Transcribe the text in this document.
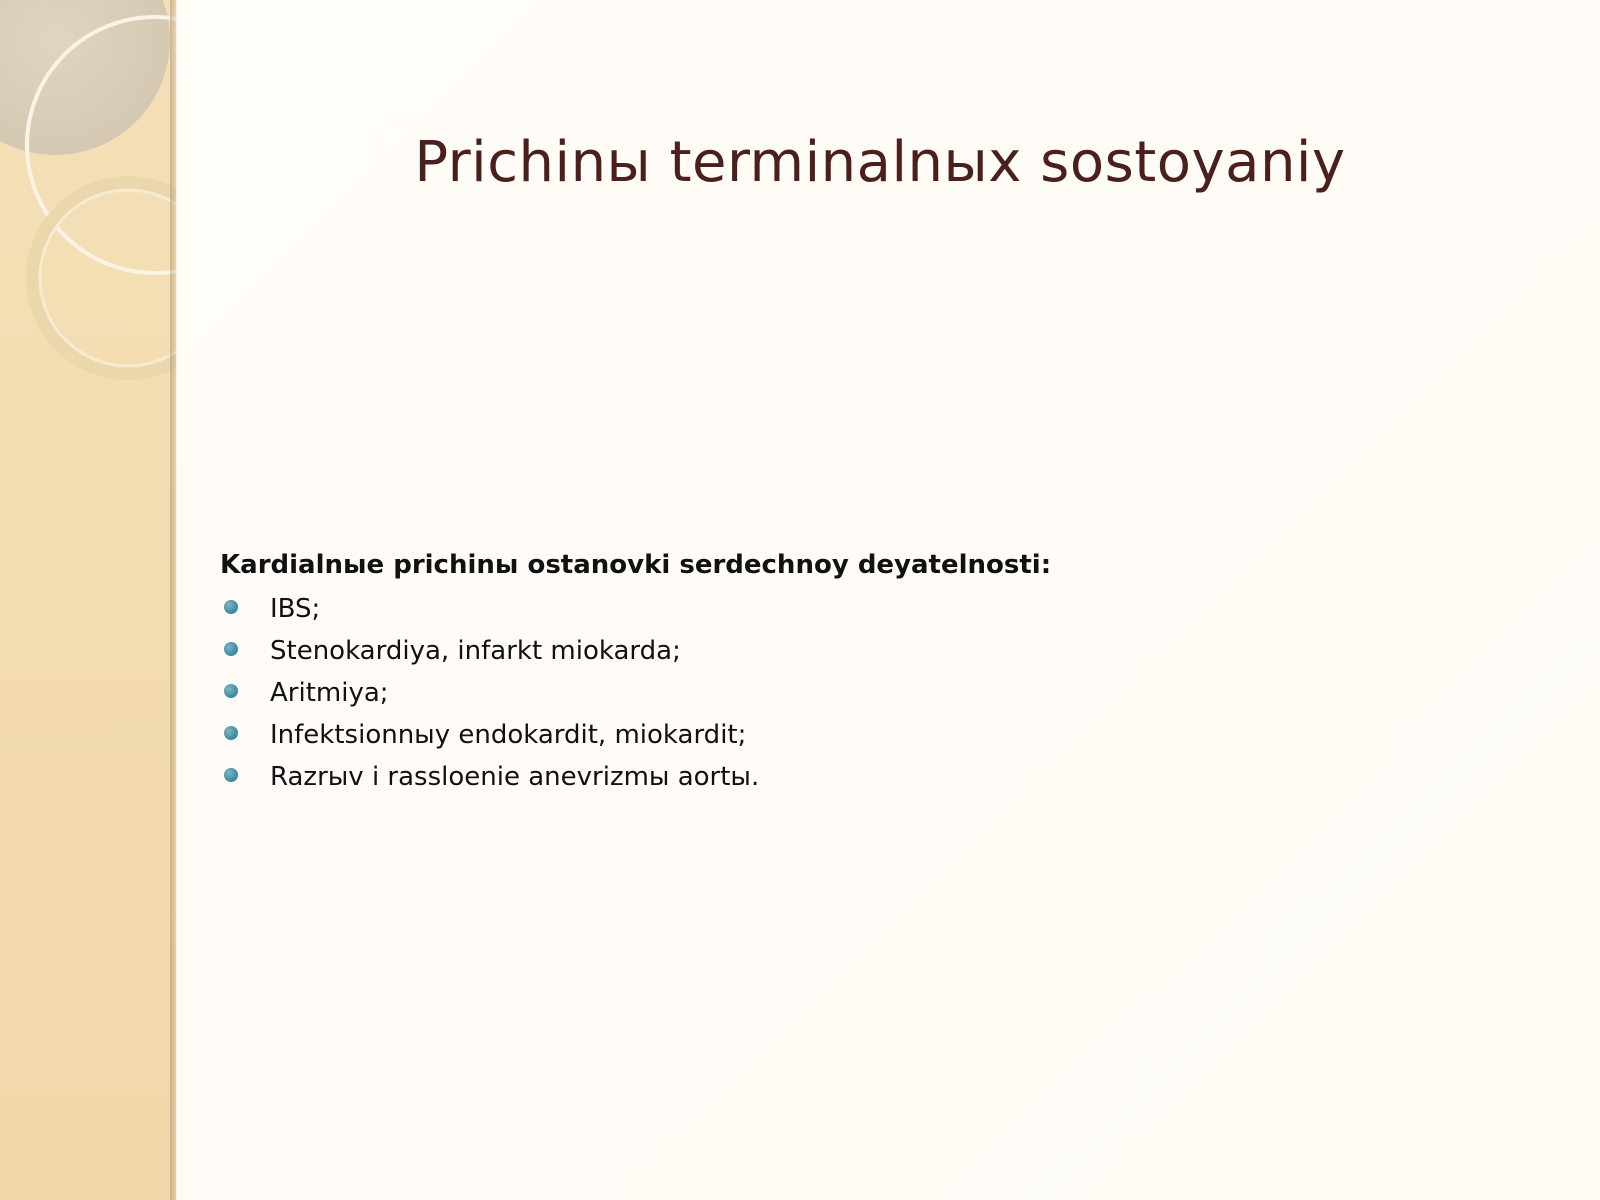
Prichinы terminalnыx sostoyaniy
Kardialnыe prichinы ostanovki serdechnoy deyatelnosti:
IBS;
Stenokardiya, infarkt miokarda;
Aritmiya;
Infektsionnыy endokardit, miokardit;
Razrыv i rassloenie anevrizmы aortы.
